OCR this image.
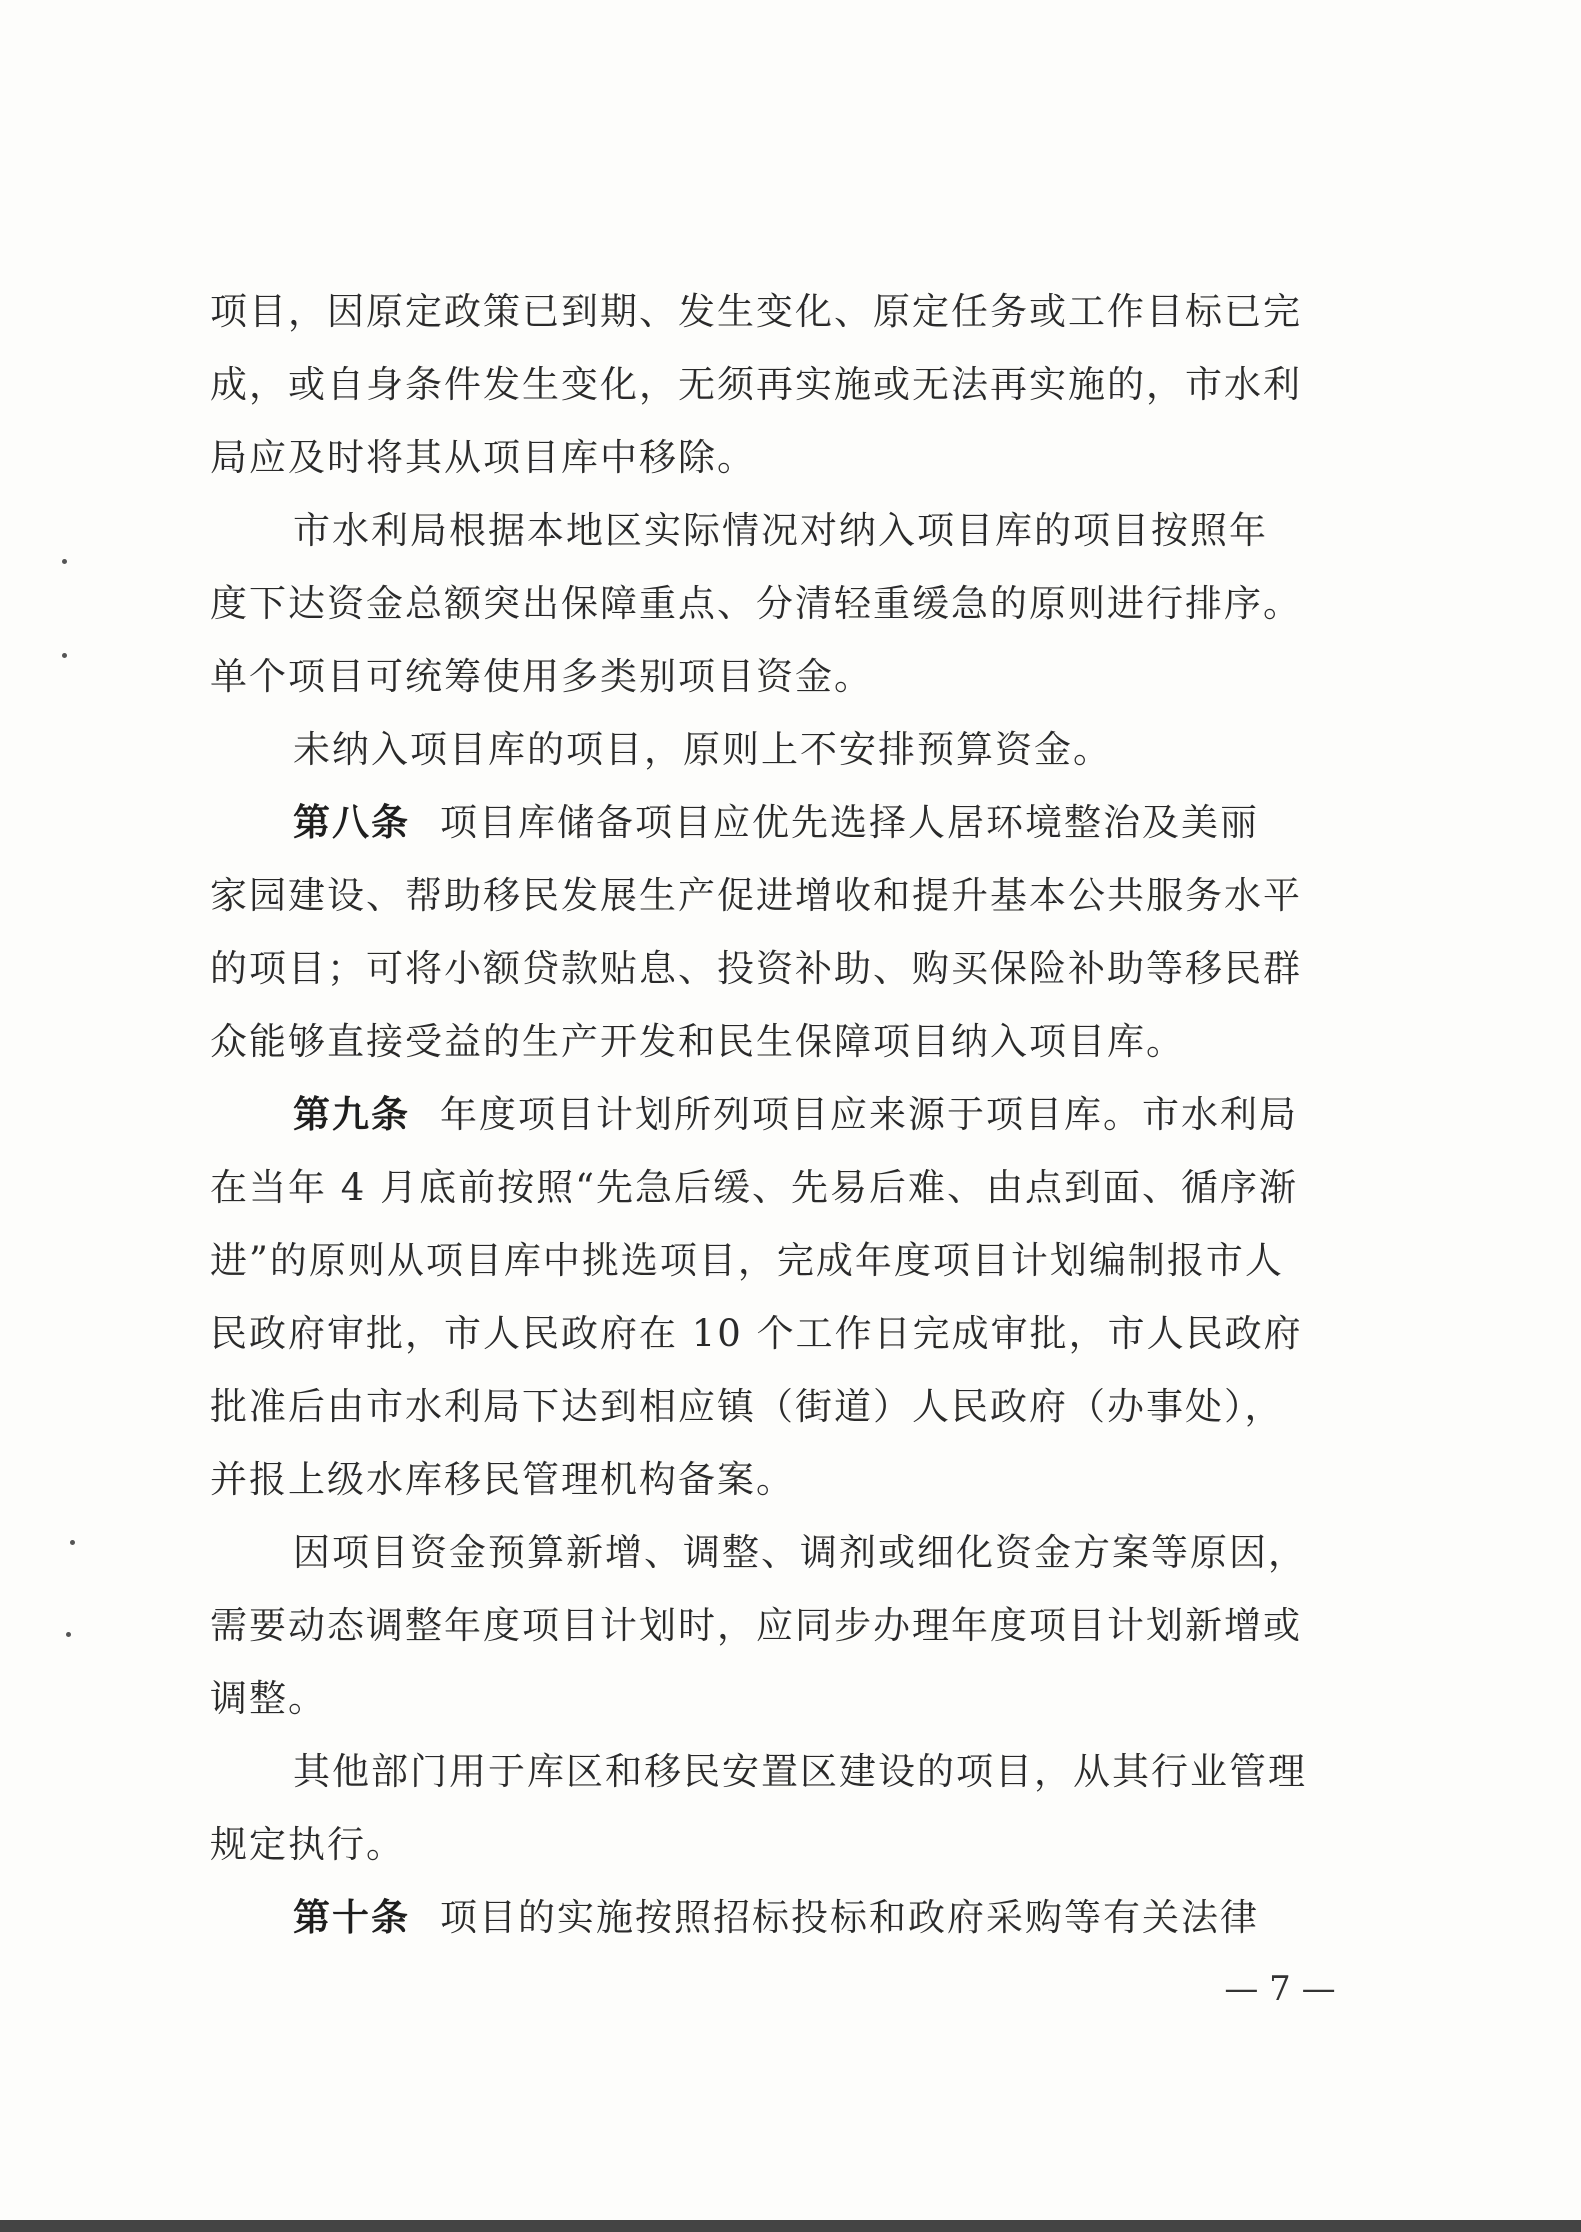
项目，因原定政策已到期、发生变化、原定任务或工作目标已完
成，或自身条件发生变化，无须再实施或无法再实施的，市水利
局应及时将其从项目库中移除。
市水利局根据本地区实际情况对纳入项目库的项目按照年
度下达资金总额突出保障重点、分清轻重缓急的原则进行排序。
单个项目可统筹使用多类别项目资金。
未纳入项目库的项目，原则上不安排预算资金。
第八条 项目库储备项目应优先选择人居环境整治及美丽
家园建设、帮助移民发展生产促进增收和提升基本公共服务水平
的项目；可将小额贷款贴息、投资补助、购买保险补助等移民群
众能够直接受益的生产开发和民生保障项目纳入项目库。
第九条 年度项目计划所列项目应来源于项目库。市水利局
在当年 4 月底前按照“先急后缓、先易后难、由点到面、循序渐
进”的原则从项目库中挑选项目，完成年度项目计划编制报市人
民政府审批，市人民政府在 10 个工作日完成审批，市人民政府
批准后由市水利局下达到相应镇（街道）人民政府（办事处），
并报上级水库移民管理机构备案。
因项目资金预算新增、调整、调剂或细化资金方案等原因，
需要动态调整年度项目计划时，应同步办理年度项目计划新增或
调整。
其他部门用于库区和移民安置区建设的项目，从其行业管理
规定执行。
第十条 项目的实施按照招标投标和政府采购等有关法律
— 7 —
